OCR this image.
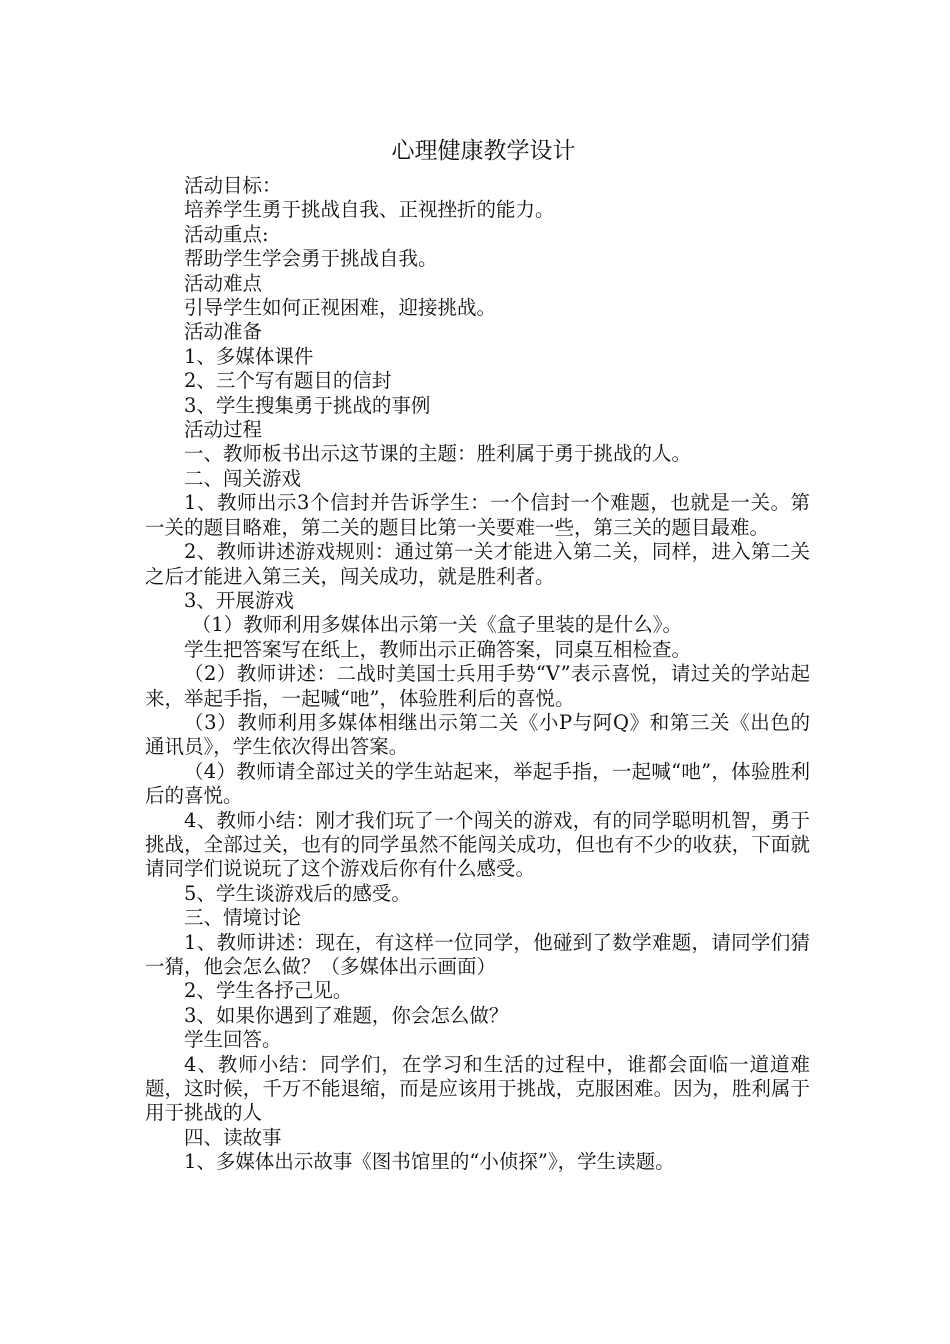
心理健康教学设计

活动目标：

培养学生勇于挑战自我、正视挫折的能力。

活动重点:

帮助学生学会勇于挑战自我。

活动难点

引导学生如何正视困难，迎接挑战。

活动准备

1、多媒体课件

2、三个写有题目的信封

3、学生搜集勇于挑战的事例

活动过程

一、教师板书出示这节课的主题：胜利属于勇于挑战的人。

二、闯关游戏

1、教师出示3个信封并告诉学生：一个信封一个难题，也就是一关。第一关的题目略难，第二关的题目比第一关要难一些，第三关的题目最难。

2、教师讲述游戏规则：通过第一关才能进入第二关，同样，进入第二关之后才能进入第三关，闯关成功，就是胜利者。

3、开展游戏

（1）教师利用多媒体出示第一关《盒子里装的是什么》。

学生把答案写在纸上，教师出示正确答案，同桌互相检查。

（2）教师讲述：二战时美国士兵用手势“V”表示喜悦，请过关的学站起来，举起手指，一起喊“吔”，体验胜利后的喜悦。

（3）教师利用多媒体相继出示第二关《小P与阿Q》和第三关《出色的通讯员》，学生依次得出答案。

（4）教师请全部过关的学生站起来，举起手指，一起喊“吔”，体验胜利后的喜悦。

4、教师小结：刚才我们玩了一个闯关的游戏，有的同学聪明机智，勇于挑战，全部过关，也有的同学虽然不能闯关成功，但也有不少的收获，下面就请同学们说说玩了这个游戏后你有什么感受。

5、学生谈游戏后的感受。

三、情境讨论

1、教师讲述：现在，有这样一位同学，他碰到了数学难题，请同学们猜一猜，他会怎么做？（多媒体出示画面）

2、学生各抒己见。

3、如果你遇到了难题，你会怎么做？

学生回答。

4、教师小结：同学们，在学习和生活的过程中，谁都会面临一道道难题，这时候，千万不能退缩，而是应该用于挑战，克服困难。因为，胜利属于用于挑战的人

四、读故事

1、多媒体出示故事《图书馆里的“小侦探”》，学生读题。
